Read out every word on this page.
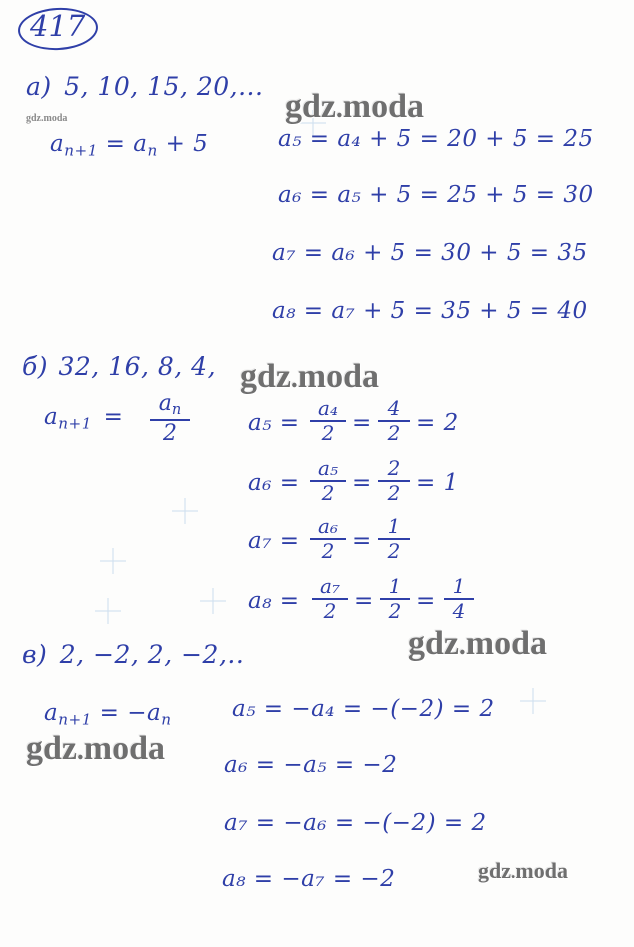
417
а) 5, 10, 15, 20,...
gdz.moda
$a_{n+1} = a_n + 5$
gdz.moda
a₅ = a₄ + 5 = 20 + 5 = 25
a₆ = a₅ + 5 = 25 + 5 = 30
a₇ = a₆ + 5 = 30 + 5 = 35
a₈ = a₇ + 5 = 35 + 5 = 40
б) 32, 16, 8, 4, gdz.moda
$a_{n+1}$ =
$a_n$
2	a₅ =
a₄
2 =
4
2 = 2
a₆ =
a₅
2 =
2
2 = 1
a₇ =
a₆
2 =
1
2
a₈ =
a₇
2 =
1
2 =
1
4
gdz.moda
в) 2, −2, 2, −2,..
$a_{n+1} = -a_n$
gdz.moda
a₅ = −a₄ = −(−2) = 2
a₆ = −a₅ = −2
a₇ = −a₆ = −(−2) = 2
a₈ = −a₇ = −2	gdz.moda
